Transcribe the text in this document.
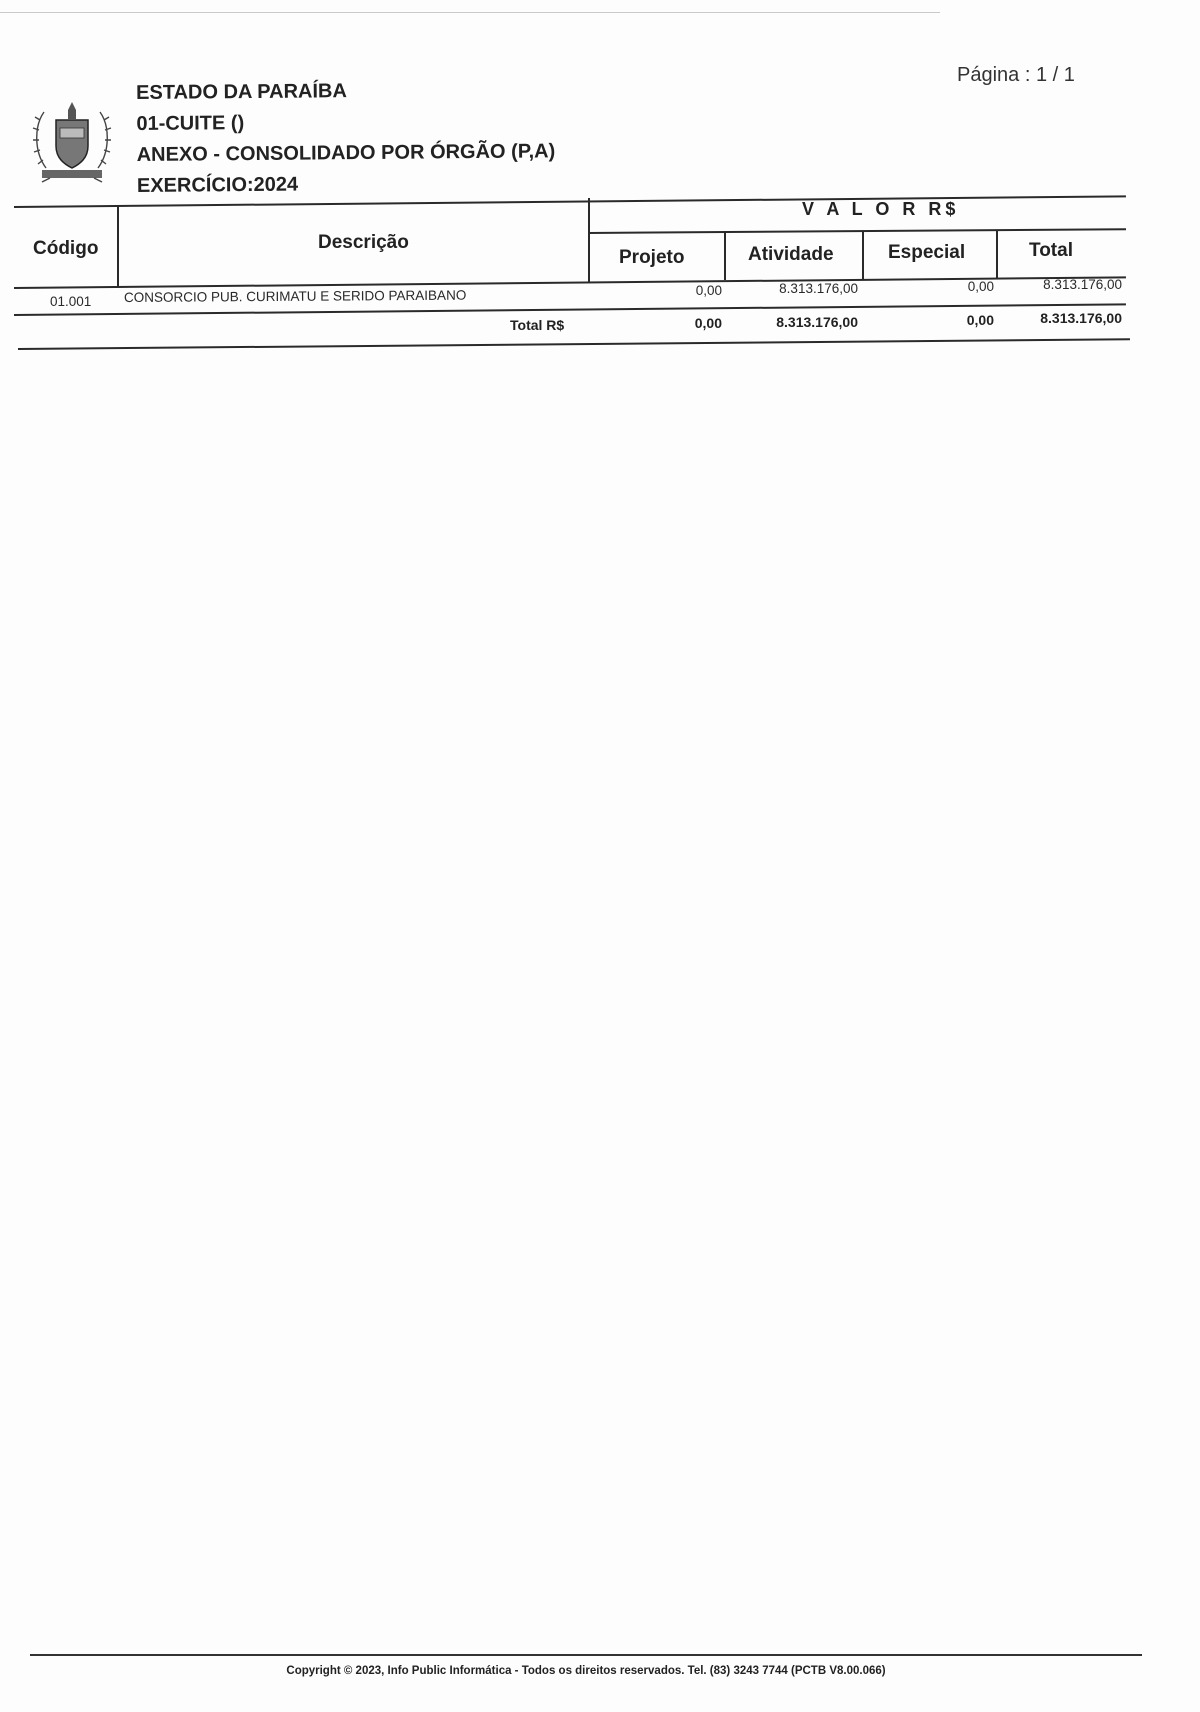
Página : 1 / 1
ESTADO DA PARAÍBA
01-CUITE ()
ANEXO - CONSOLIDADO POR ÓRGÃO (P,A)
EXERCÍCIO:2024
Código	Descrição
V A L O R R$
Projeto	Atividade	Especial	Total
01.001 CONSORCIO PUB. CURIMATU E SERIDO PARAIBANO	0,00	8.313.176,00	0,00	8.313.176,00
Total R$	0,00	8.313.176,00	0,00	8.313.176,00
Copyright © 2023, Info Public Informática - Todos os direitos reservados. Tel. (83) 3243 7744 (PCTB V8.00.066)
